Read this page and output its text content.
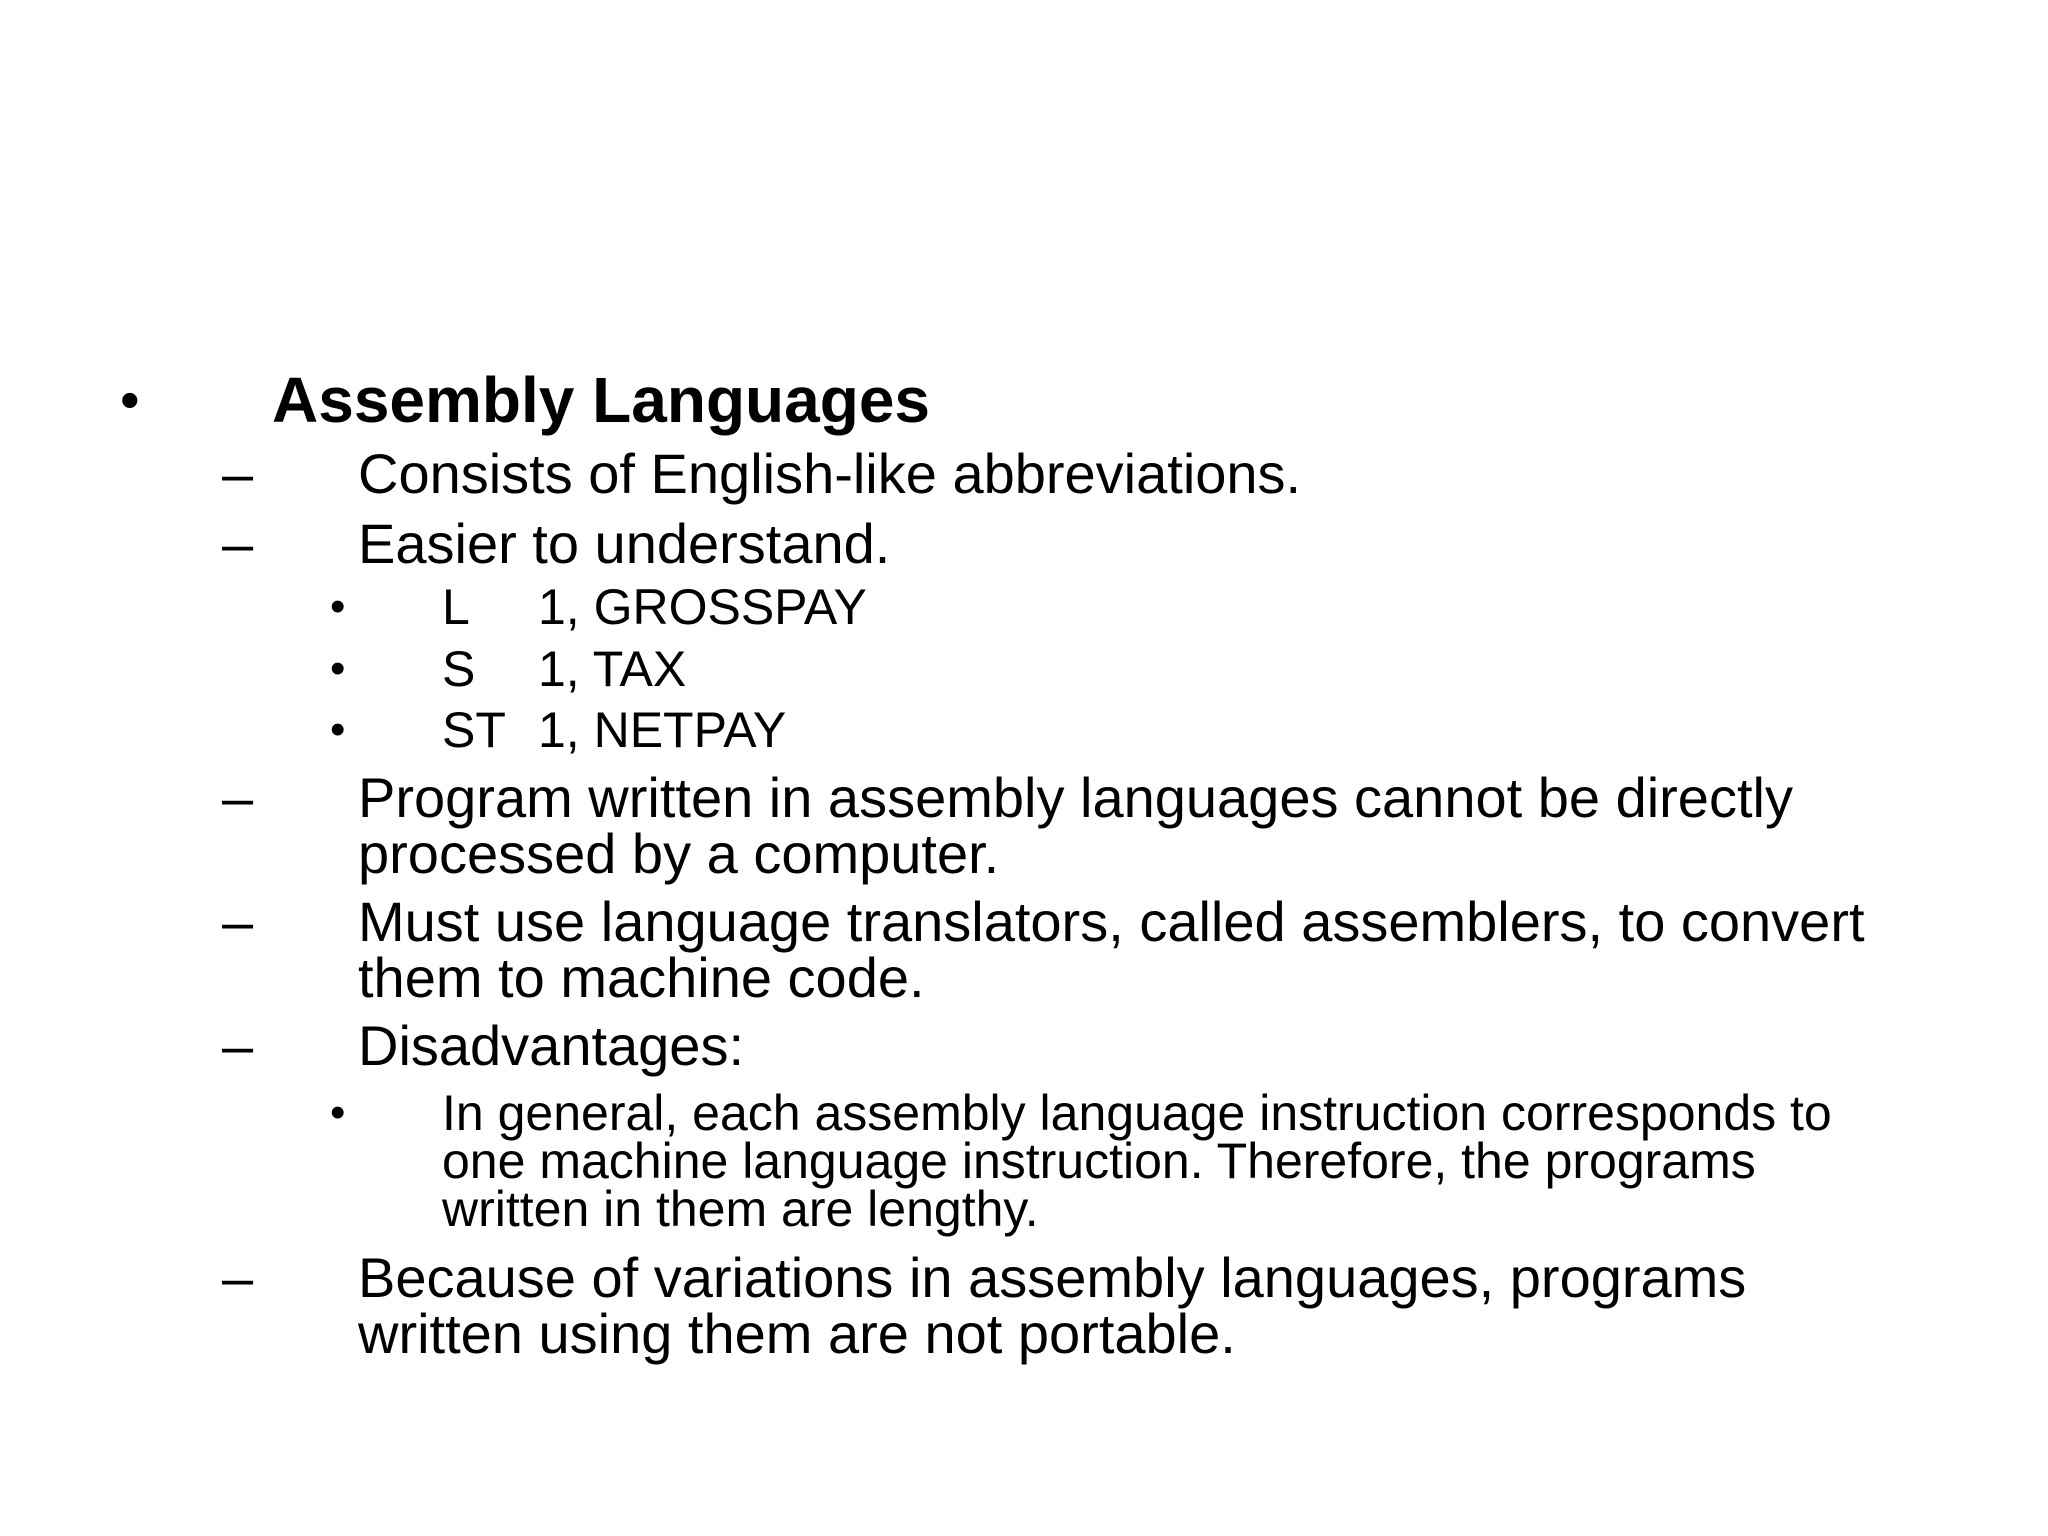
• Assembly Languages
– Consists of English-like abbreviations.
– Easier to understand.
• L 1, GROSSPAY
• S 1, TAX
• ST 1, NETPAY
– Program written in assembly languages cannot be directly
processed by a computer.
– Must use language translators, called assemblers, to convert
them to machine code.
– Disadvantages:
• In general, each assembly language instruction corresponds to
one machine language instruction. Therefore, the programs
written in them are lengthy.
– Because of variations in assembly languages, programs
written using them are not portable.
